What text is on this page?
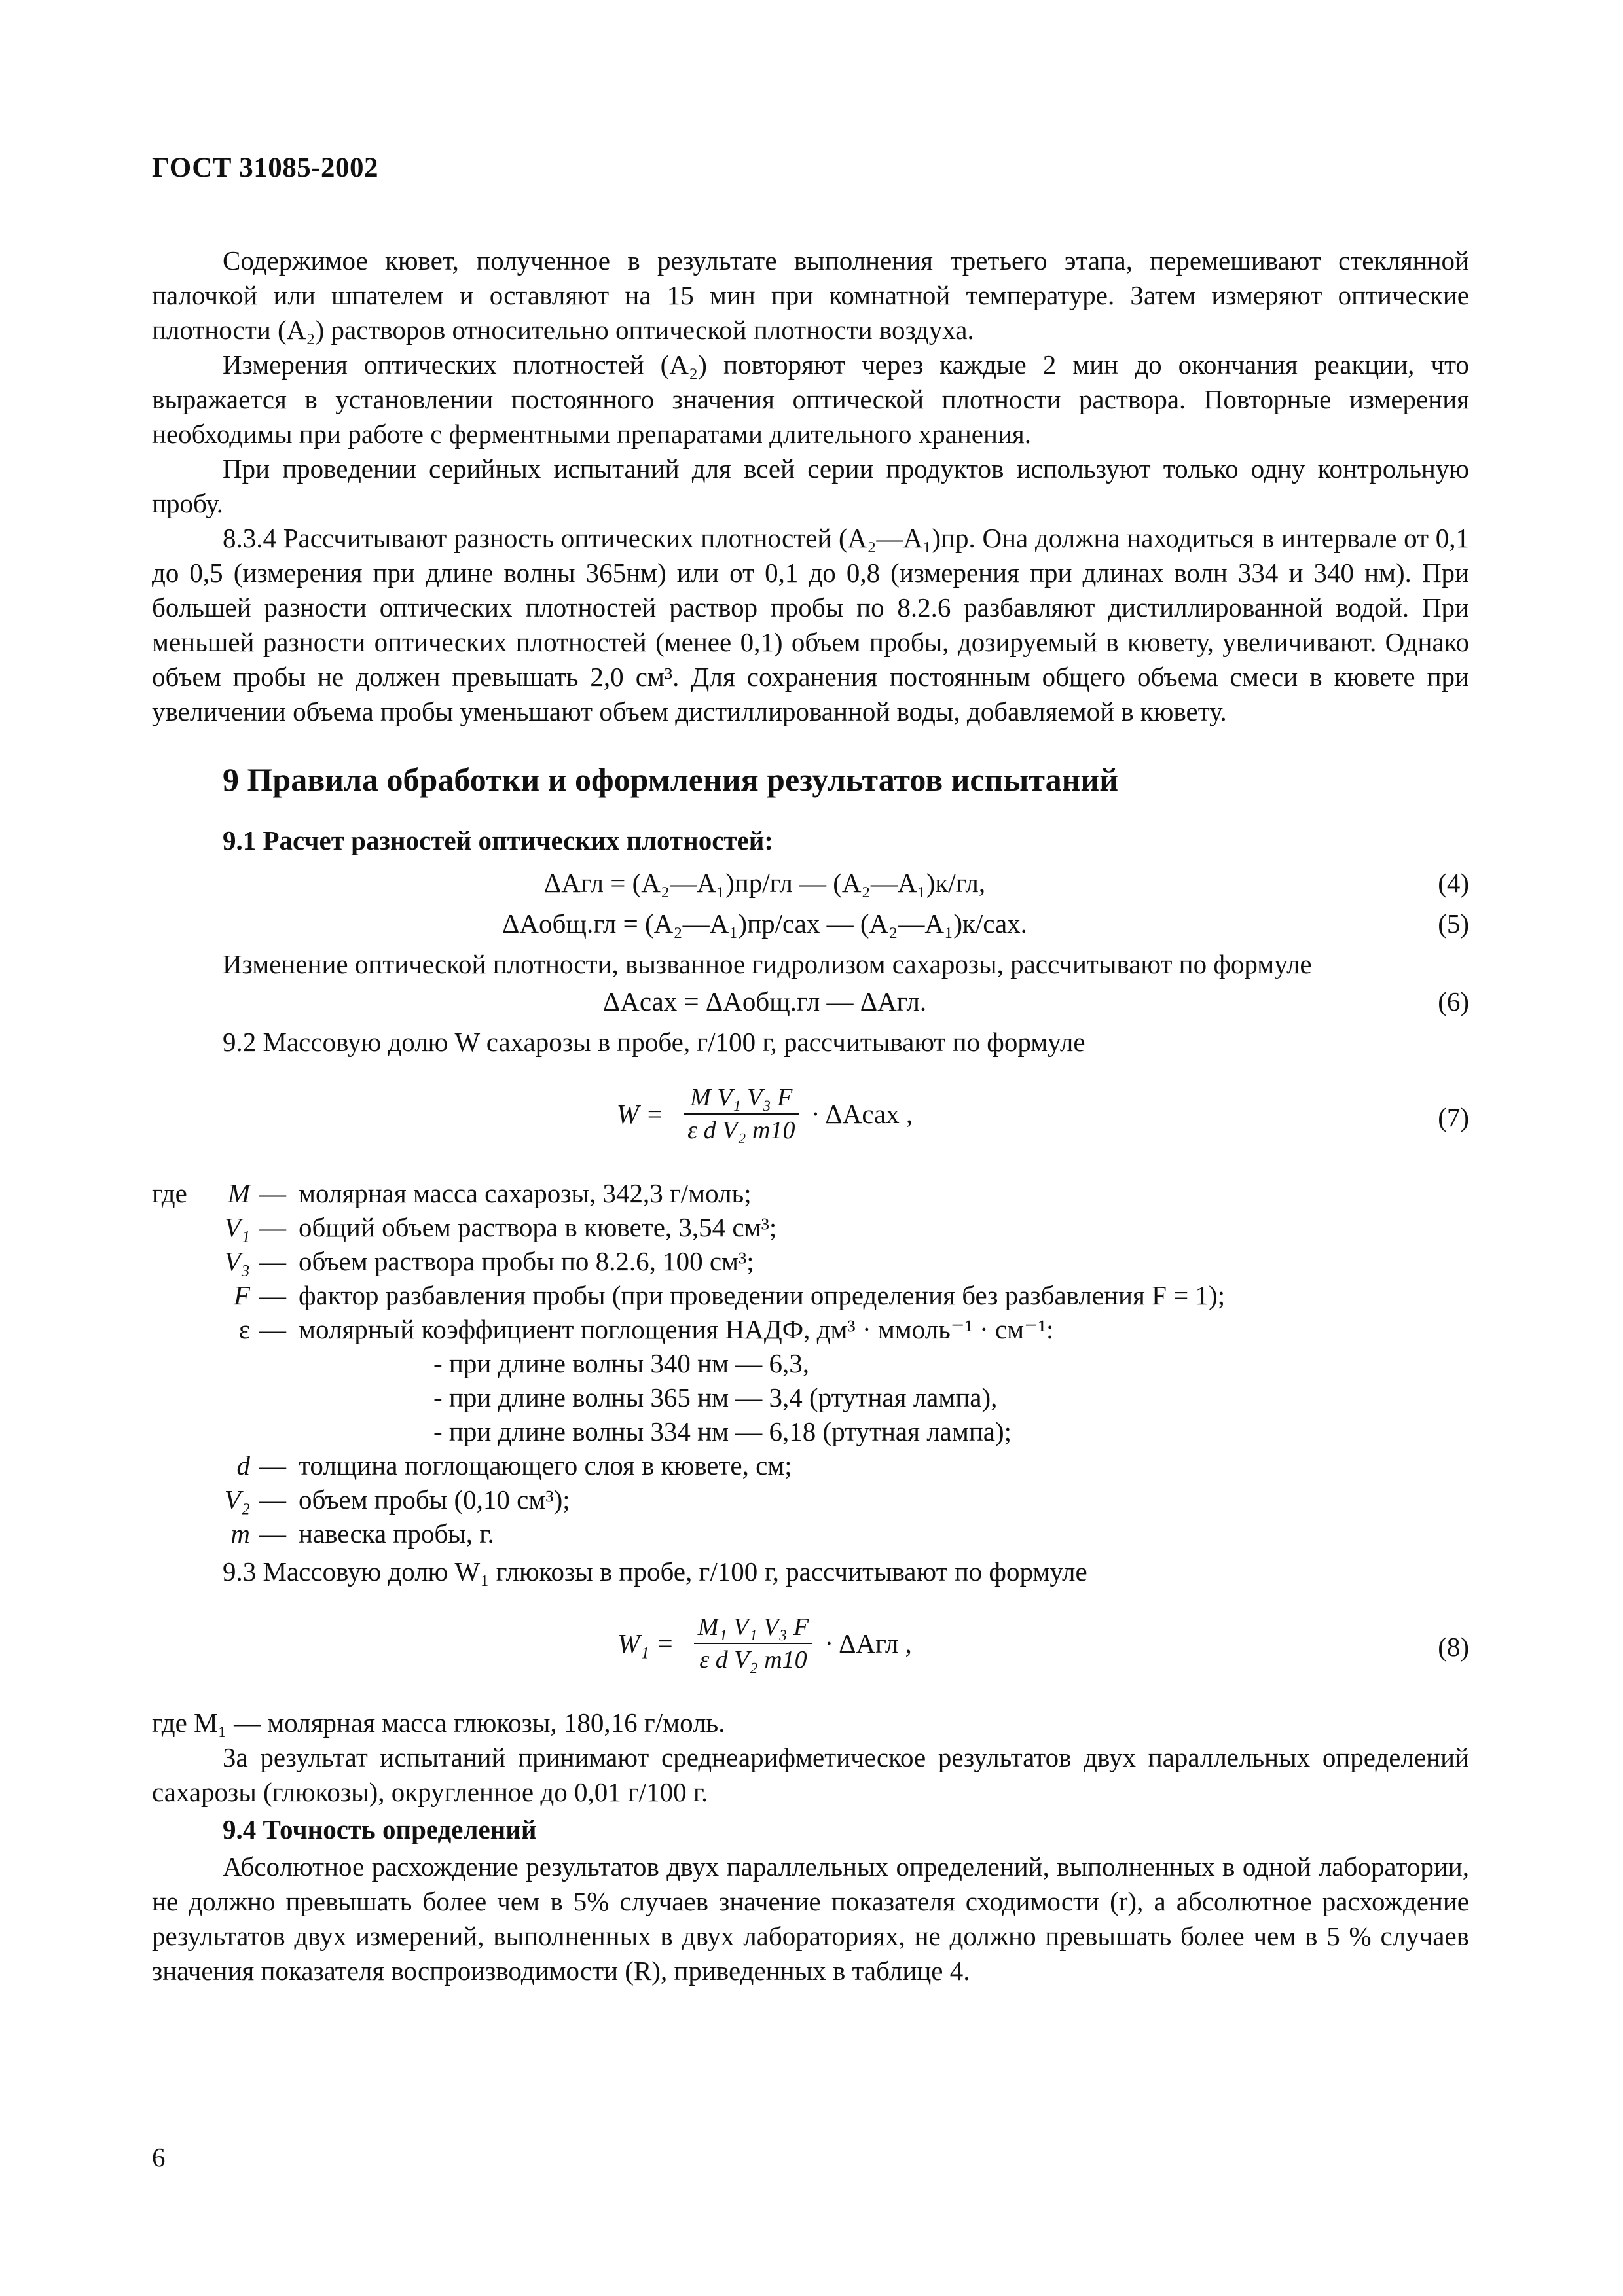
ГОСТ 31085-2002

Содержимое кювет, полученное в результате выполнения третьего этапа, перемешивают стеклянной палочкой или шпателем и оставляют на 15 мин при комнатной температуре. Затем измеряют оптические плотности (A₂) растворов относительно оптической плотности воздуха.

Измерения оптических плотностей (A₂) повторяют через каждые 2 мин до окончания реакции, что выражается в установлении постоянного значения оптической плотности раствора. Повторные измерения необходимы при работе с ферментными препаратами длительного хранения.

При проведении серийных испытаний для всей серии продуктов используют только одну контрольную пробу.

8.3.4 Рассчитывают разность оптических плотностей (A₂—A₁)пр. Она должна находиться в интервале от 0,1 до 0,5 (измерения при длине волны 365нм) или от 0,1 до 0,8 (измерения при длинах волн 334 и 340 нм). При большей разности оптических плотностей раствор пробы по 8.2.6 разбавляют дистиллированной водой. При меньшей разности оптических плотностей (менее 0,1) объем пробы, дозируемый в кювету, увеличивают. Однако объем пробы не должен превышать 2,0 см³. Для сохранения постоянным общего объема смеси в кювете при увеличении объема пробы уменьшают объем дистиллированной воды, добавляемой в кювету.

9 Правила обработки и оформления результатов испытаний
9.1 Расчет разностей оптических плотностей:
ΔAгл = (A₂—A₁)пр/гл — (A₂—A₁)к/гл,	(4)
ΔAобщ.гл = (A₂—A₁)пр/сах — (A₂—A₁)к/сах.	(5)

Изменение оптической плотности, вызванное гидролизом сахарозы, рассчитывают по формуле

ΔAсах = ΔAобщ.гл — ΔAгл.	(6)

9.2 Массовую долю W сахарозы в пробе, г/100 г, рассчитывают по формуле

$W = \frac{\text{M V₁ V₃ F}}{\text{ε d V₂ m10}}$ · ΔAсах ,	(7)
где	M — молярная масса сахарозы, 342,3 г/моль;
V₁ — общий объем раствора в кювете, 3,54 см³;
V₃ — объем раствора пробы по 8.2.6, 100 см³;
F — фактор разбавления пробы (при проведении определения без разбавления F = 1);
ε — молярный коэффициент поглощения НАДФ, дм³ · ммоль⁻¹ · см⁻¹:
- при длине волны 340 нм — 6,3,
- при длине волны 365 нм — 3,4 (ртутная лампа),
- при длине волны 334 нм — 6,18 (ртутная лампа);
d — толщина поглощающего слоя в кювете, см;
V₂ — объем пробы (0,10 см³);
m — навеска пробы, г.

9.3 Массовую долю W₁ глюкозы в пробе, г/100 г, рассчитывают по формуле

$W_1 = \frac{\text{M₁ V₁ V₃ F}}{\text{ε d V₂ m10}} \cdot \Delta Aгл$ ,	(8)

где M₁ — молярная масса глюкозы, 180,16 г/моль.

За результат испытаний принимают среднеарифметическое результатов двух параллельных определений сахарозы (глюкозы), округленное до 0,01 г/100 г.

9.4 Точность определений

Абсолютное расхождение результатов двух параллельных определений, выполненных в одной лаборатории, не должно превышать более чем в 5% случаев значение показателя сходимости (r), а абсолютное расхождение результатов двух измерений, выполненных в двух лабораториях, не должно превышать более чем в 5 % случаев значения показателя воспроизводимости (R), приведенных в таблице 4.

6
